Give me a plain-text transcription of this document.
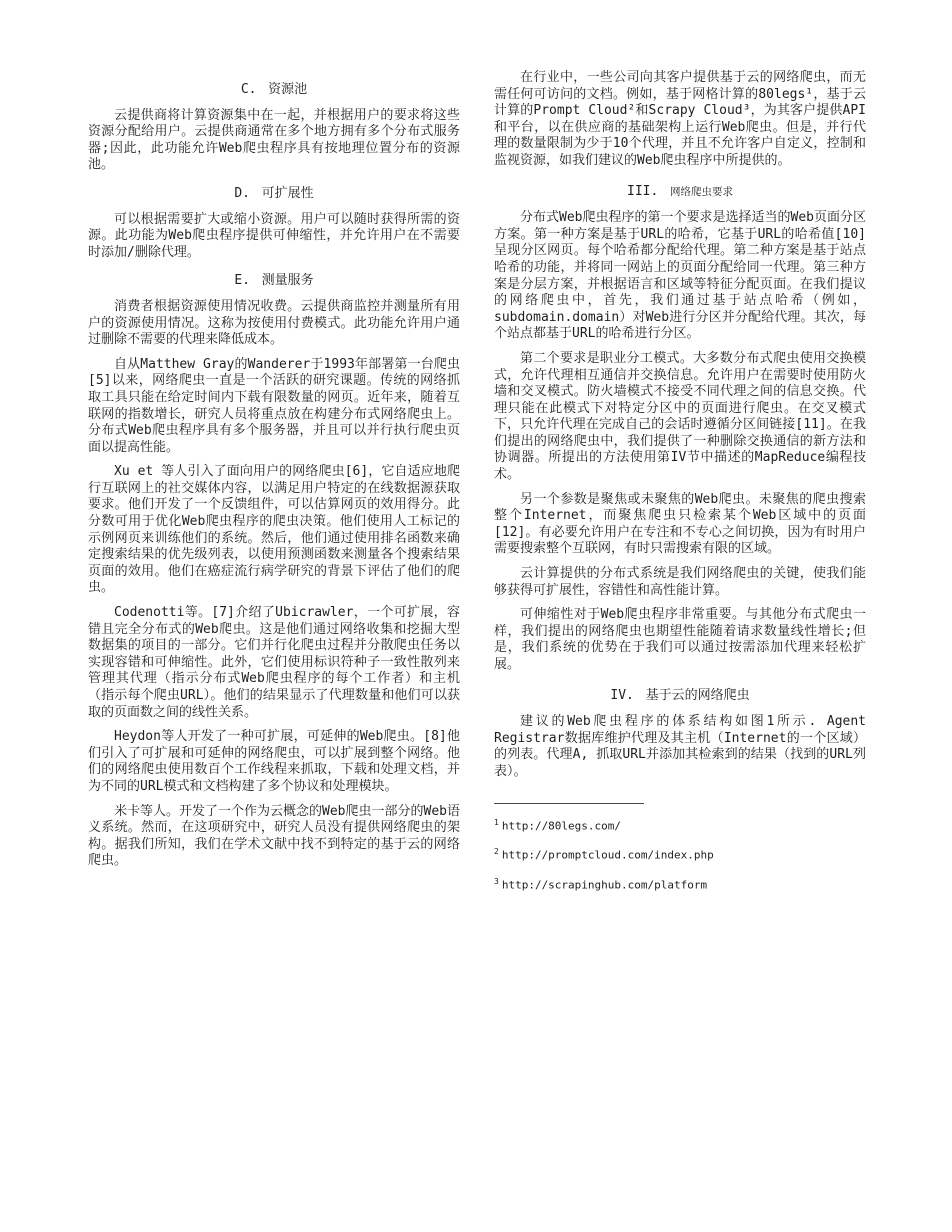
C. 资源池

云提供商将计算资源集中在一起，并根据用户的要求将这些资源分配给用户。云提供商通常在多个地方拥有多个分布式服务器;因此，此功能允许Web爬虫程序具有按地理位置分布的资源池。

D. 可扩展性

可以根据需要扩大或缩小资源。用户可以随时获得所需的资源。此功能为Web爬虫程序提供可伸缩性，并允许用户在不需要时添加/删除代理。

E. 测量服务

消费者根据资源使用情况收费。云提供商监控并测量所有用户的资源使用情况。这称为按使用付费模式。此功能允许用户通过删除不需要的代理来降低成本。

自从Matthew Gray的Wanderer于1993年部署第一台爬虫[5]以来，网络爬虫一直是一个活跃的研究课题。传统的网络抓取工具只能在给定时间内下载有限数量的网页。近年来，随着互联网的指数增长，研究人员将重点放在构建分布式网络爬虫上。分布式Web爬虫程序具有多个服务器，并且可以并行执行爬虫页面以提高性能。

Xu et 等人引入了面向用户的网络爬虫[6]，它自适应地爬行互联网上的社交媒体内容，以满足用户特定的在线数据源获取要求。他们开发了一个反馈组件，可以估算网页的效用得分。此分数可用于优化Web爬虫程序的爬虫决策。他们使用人工标记的示例网页来训练他们的系统。然后，他们通过使用排名函数来确定搜索结果的优先级列表，以使用预测函数来测量各个搜索结果页面的效用。他们在癌症流行病学研究的背景下评估了他们的爬虫。

Codenotti等。[7]介绍了Ubicrawler，一个可扩展，容错且完全分布式的Web爬虫。这是他们通过网络收集和挖掘大型数据集的项目的一部分。它们并行化爬虫过程并分散爬虫任务以实现容错和可伸缩性。此外，它们使用标识符种子一致性散列来管理其代理（指示分布式Web爬虫程序的每个工作者）和主机（指示每个爬虫URL）。他们的结果显示了代理数量和他们可以获取的页面数之间的线性关系。

Heydon等人开发了一种可扩展，可延伸的Web爬虫。[8]他们引入了可扩展和可延伸的网络爬虫，可以扩展到整个网络。他们的网络爬虫使用数百个工作线程来抓取，下载和处理文档，并为不同的URL模式和文档构建了多个协议和处理模块。

米卡等人。开发了一个作为云概念的Web爬虫一部分的Web语义系统。然而，在这项研究中，研究人员没有提供网络爬虫的架构。据我们所知，我们在学术文献中找不到特定的基于云的网络爬虫。

在行业中，一些公司向其客户提供基于云的网络爬虫，而无需任何可访问的文档。例如，基于网格计算的80legs¹，基于云计算的Prompt Cloud²和Scrapy Cloud³，为其客户提供API和平台，以在供应商的基础架构上运行Web爬虫。但是，并行代理的数量限制为少于10个代理，并且不允许客户自定义，控制和监视资源，如我们建议的Web爬虫程序中所提供的。

III. 网络爬虫要求

分布式Web爬虫程序的第一个要求是选择适当的Web页面分区方案。第一种方案是基于URL的哈希，它基于URL的哈希值[10]呈现分区网页。每个哈希都分配给代理。第二种方案是基于站点哈希的功能，并将同一网站上的页面分配给同一代理。第三种方案是分层方案，并根据语言和区域等特征分配页面。在我们提议的网络爬虫中，首先，我们通过基于站点哈希（例如，subdomain.domain）对Web进行分区并分配给代理。其次，每个站点都基于URL的哈希进行分区。

第二个要求是职业分工模式。大多数分布式爬虫使用交换模式，允许代理相互通信并交换信息。允许用户在需要时使用防火墙和交叉模式。防火墙模式不接受不同代理之间的信息交换。代理只能在此模式下对特定分区中的页面进行爬虫。在交叉模式下，只允许代理在完成自己的会话时遵循分区间链接[11]。在我们提出的网络爬虫中，我们提供了一种删除交换通信的新方法和协调器。所提出的方法使用第IV节中描述的MapReduce编程技术。

另一个参数是聚焦或未聚焦的Web爬虫。未聚焦的爬虫搜索整个Internet，而聚焦爬虫只检索某个Web区域中的页面[12]。有必要允许用户在专注和不专心之间切换，因为有时用户需要搜索整个互联网，有时只需搜索有限的区域。

云计算提供的分布式系统是我们网络爬虫的关键，使我们能够获得可扩展性，容错性和高性能计算。

可伸缩性对于Web爬虫程序非常重要。与其他分布式爬虫一样，我们提出的网络爬虫也期望性能随着请求数量线性增长;但是，我们系统的优势在于我们可以通过按需添加代理来轻松扩展。

IV. 基于云的网络爬虫

建议的Web爬虫程序的体系结构如图1所示. Agent Registrar数据库维护代理及其主机（Internet的一个区域）的列表。代理A, 抓取URL并添加其检索到的结果（找到的URL列表）。

$^1$ http://80legs.com/

$^2$ http://promptcloud.com/index.php

$^3$ http://scrapinghub.com/platform
